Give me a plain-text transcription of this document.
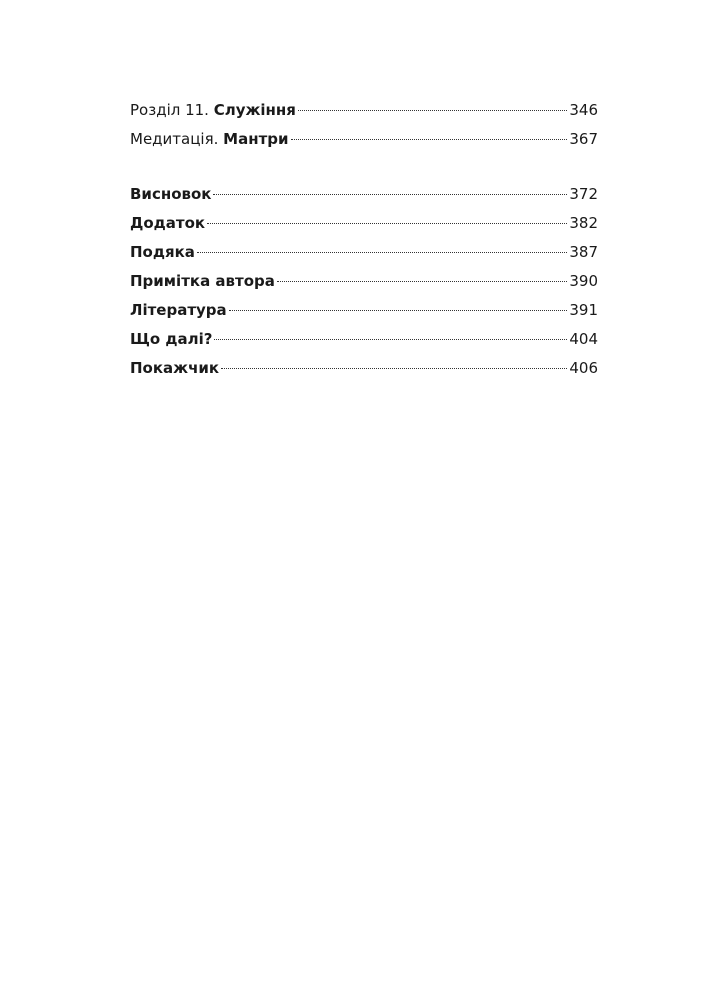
Розділ 11. Служіння	346
Медитація. Мантри	367
Висновок	372
Додаток	382
Подяка	387
Примітка автора	390
Література	391
Що далі?	404
Покажчик	406
